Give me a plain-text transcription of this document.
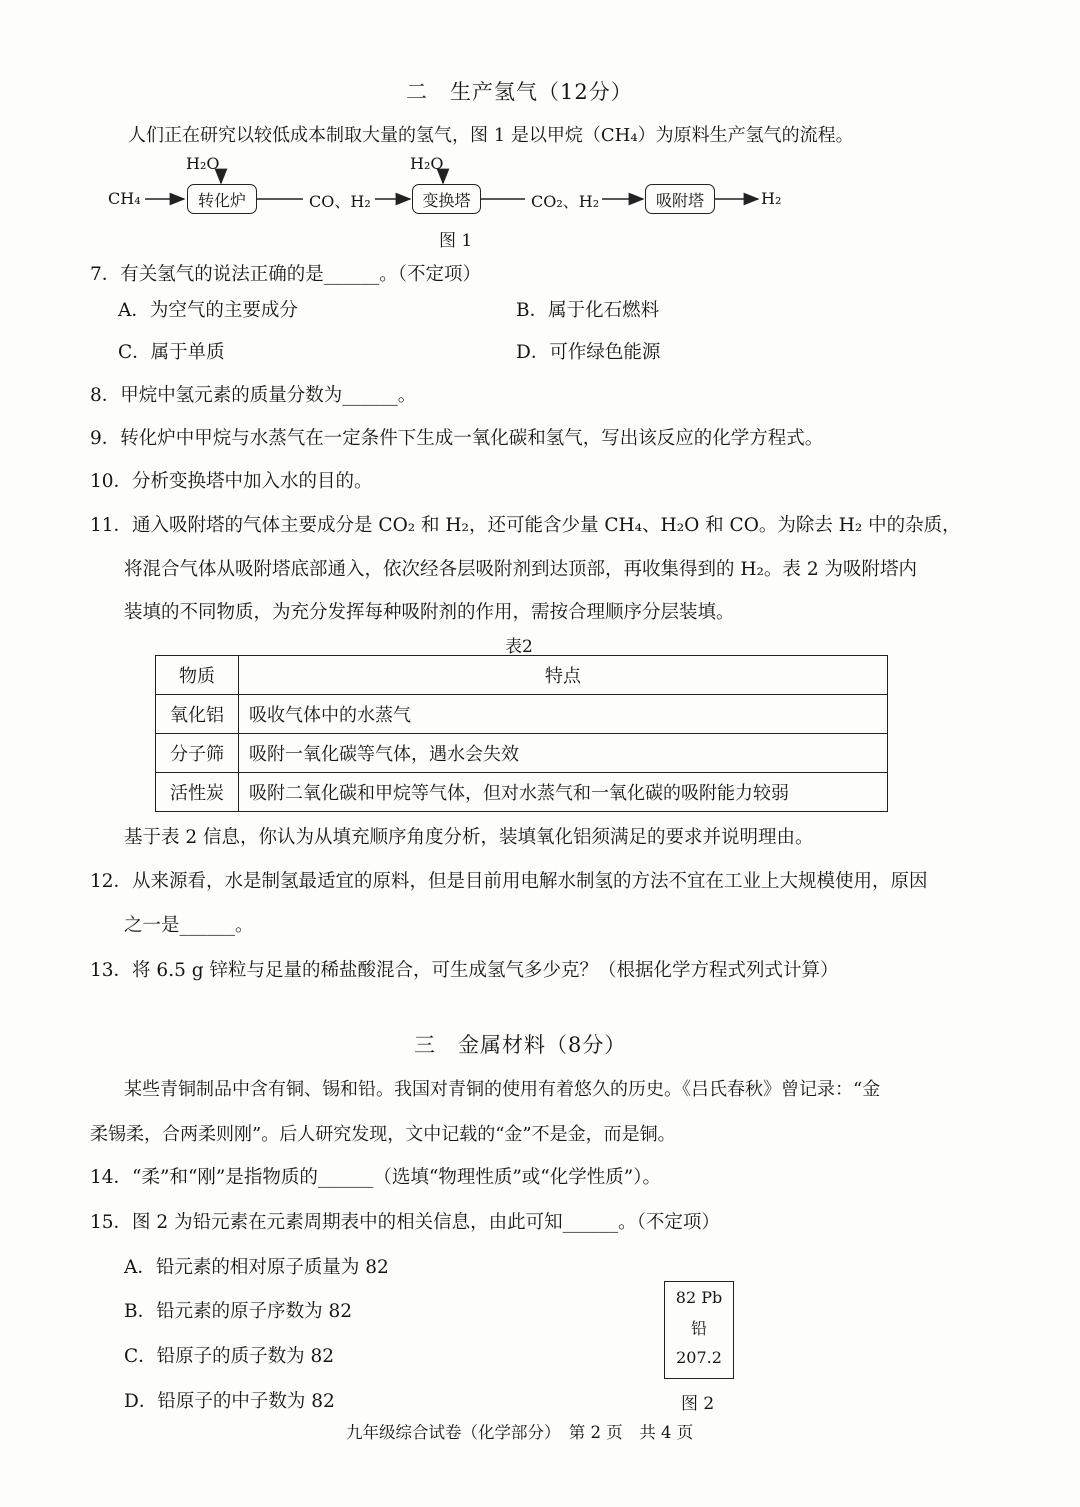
二　生产氢气（12分）
人们正在研究以较低成本制取大量的氢气，图 1 是以甲烷（CH₄）为原料生产氢气的流程。
CH₄
H₂O
转化炉	CO、H₂
H₂O
变换塔	CO₂、H₂	吸附塔	H₂
图 1
7．有关氢气的说法正确的是______。（不定项）
A．为空气的主要成分	B．属于化石燃料
C．属于单质	D．可作绿色能源
8．甲烷中氢元素的质量分数为______。
9．转化炉中甲烷与水蒸气在一定条件下生成一氧化碳和氢气，写出该反应的化学方程式。
10．分析变换塔中加入水的目的。
11．通入吸附塔的气体主要成分是 CO₂ 和 H₂，还可能含少量 CH₄、H₂O 和 CO。为除去 H₂ 中的杂质，
将混合气体从吸附塔底部通入，依次经各层吸附剂到达顶部，再收集得到的 H₂。表 2 为吸附塔内
装填的不同物质，为充分发挥每种吸附剂的作用，需按合理顺序分层装填。
表2
物质	特点
氧化铝	吸收气体中的水蒸气
分子筛	吸附一氧化碳等气体，遇水会失效
活性炭	吸附二氧化碳和甲烷等气体，但对水蒸气和一氧化碳的吸附能力较弱
基于表 2 信息，你认为从填充顺序角度分析，装填氧化铝须满足的要求并说明理由。
12．从来源看，水是制氢最适宜的原料，但是目前用电解水制氢的方法不宜在工业上大规模使用，原因
之一是______。
13．将 6.5 g 锌粒与足量的稀盐酸混合，可生成氢气多少克？（根据化学方程式列式计算）
三　金属材料（8分）
某些青铜制品中含有铜、锡和铅。我国对青铜的使用有着悠久的历史。《吕氏春秋》曾记录：“金
柔锡柔，合两柔则刚”。后人研究发现，文中记载的“金”不是金，而是铜。
14．“柔”和“刚”是指物质的______（选填“物理性质”或“化学性质”）。
15．图 2 为铅元素在元素周期表中的相关信息，由此可知______。（不定项）
A．铅元素的相对原子质量为 82
B．铅元素的原子序数为 82
C．铅原子的质子数为 82
D．铅原子的中子数为 82
82 Pb
铅
207.2
图 2
九年级综合试卷（化学部分）　第 2 页　共 4 页
